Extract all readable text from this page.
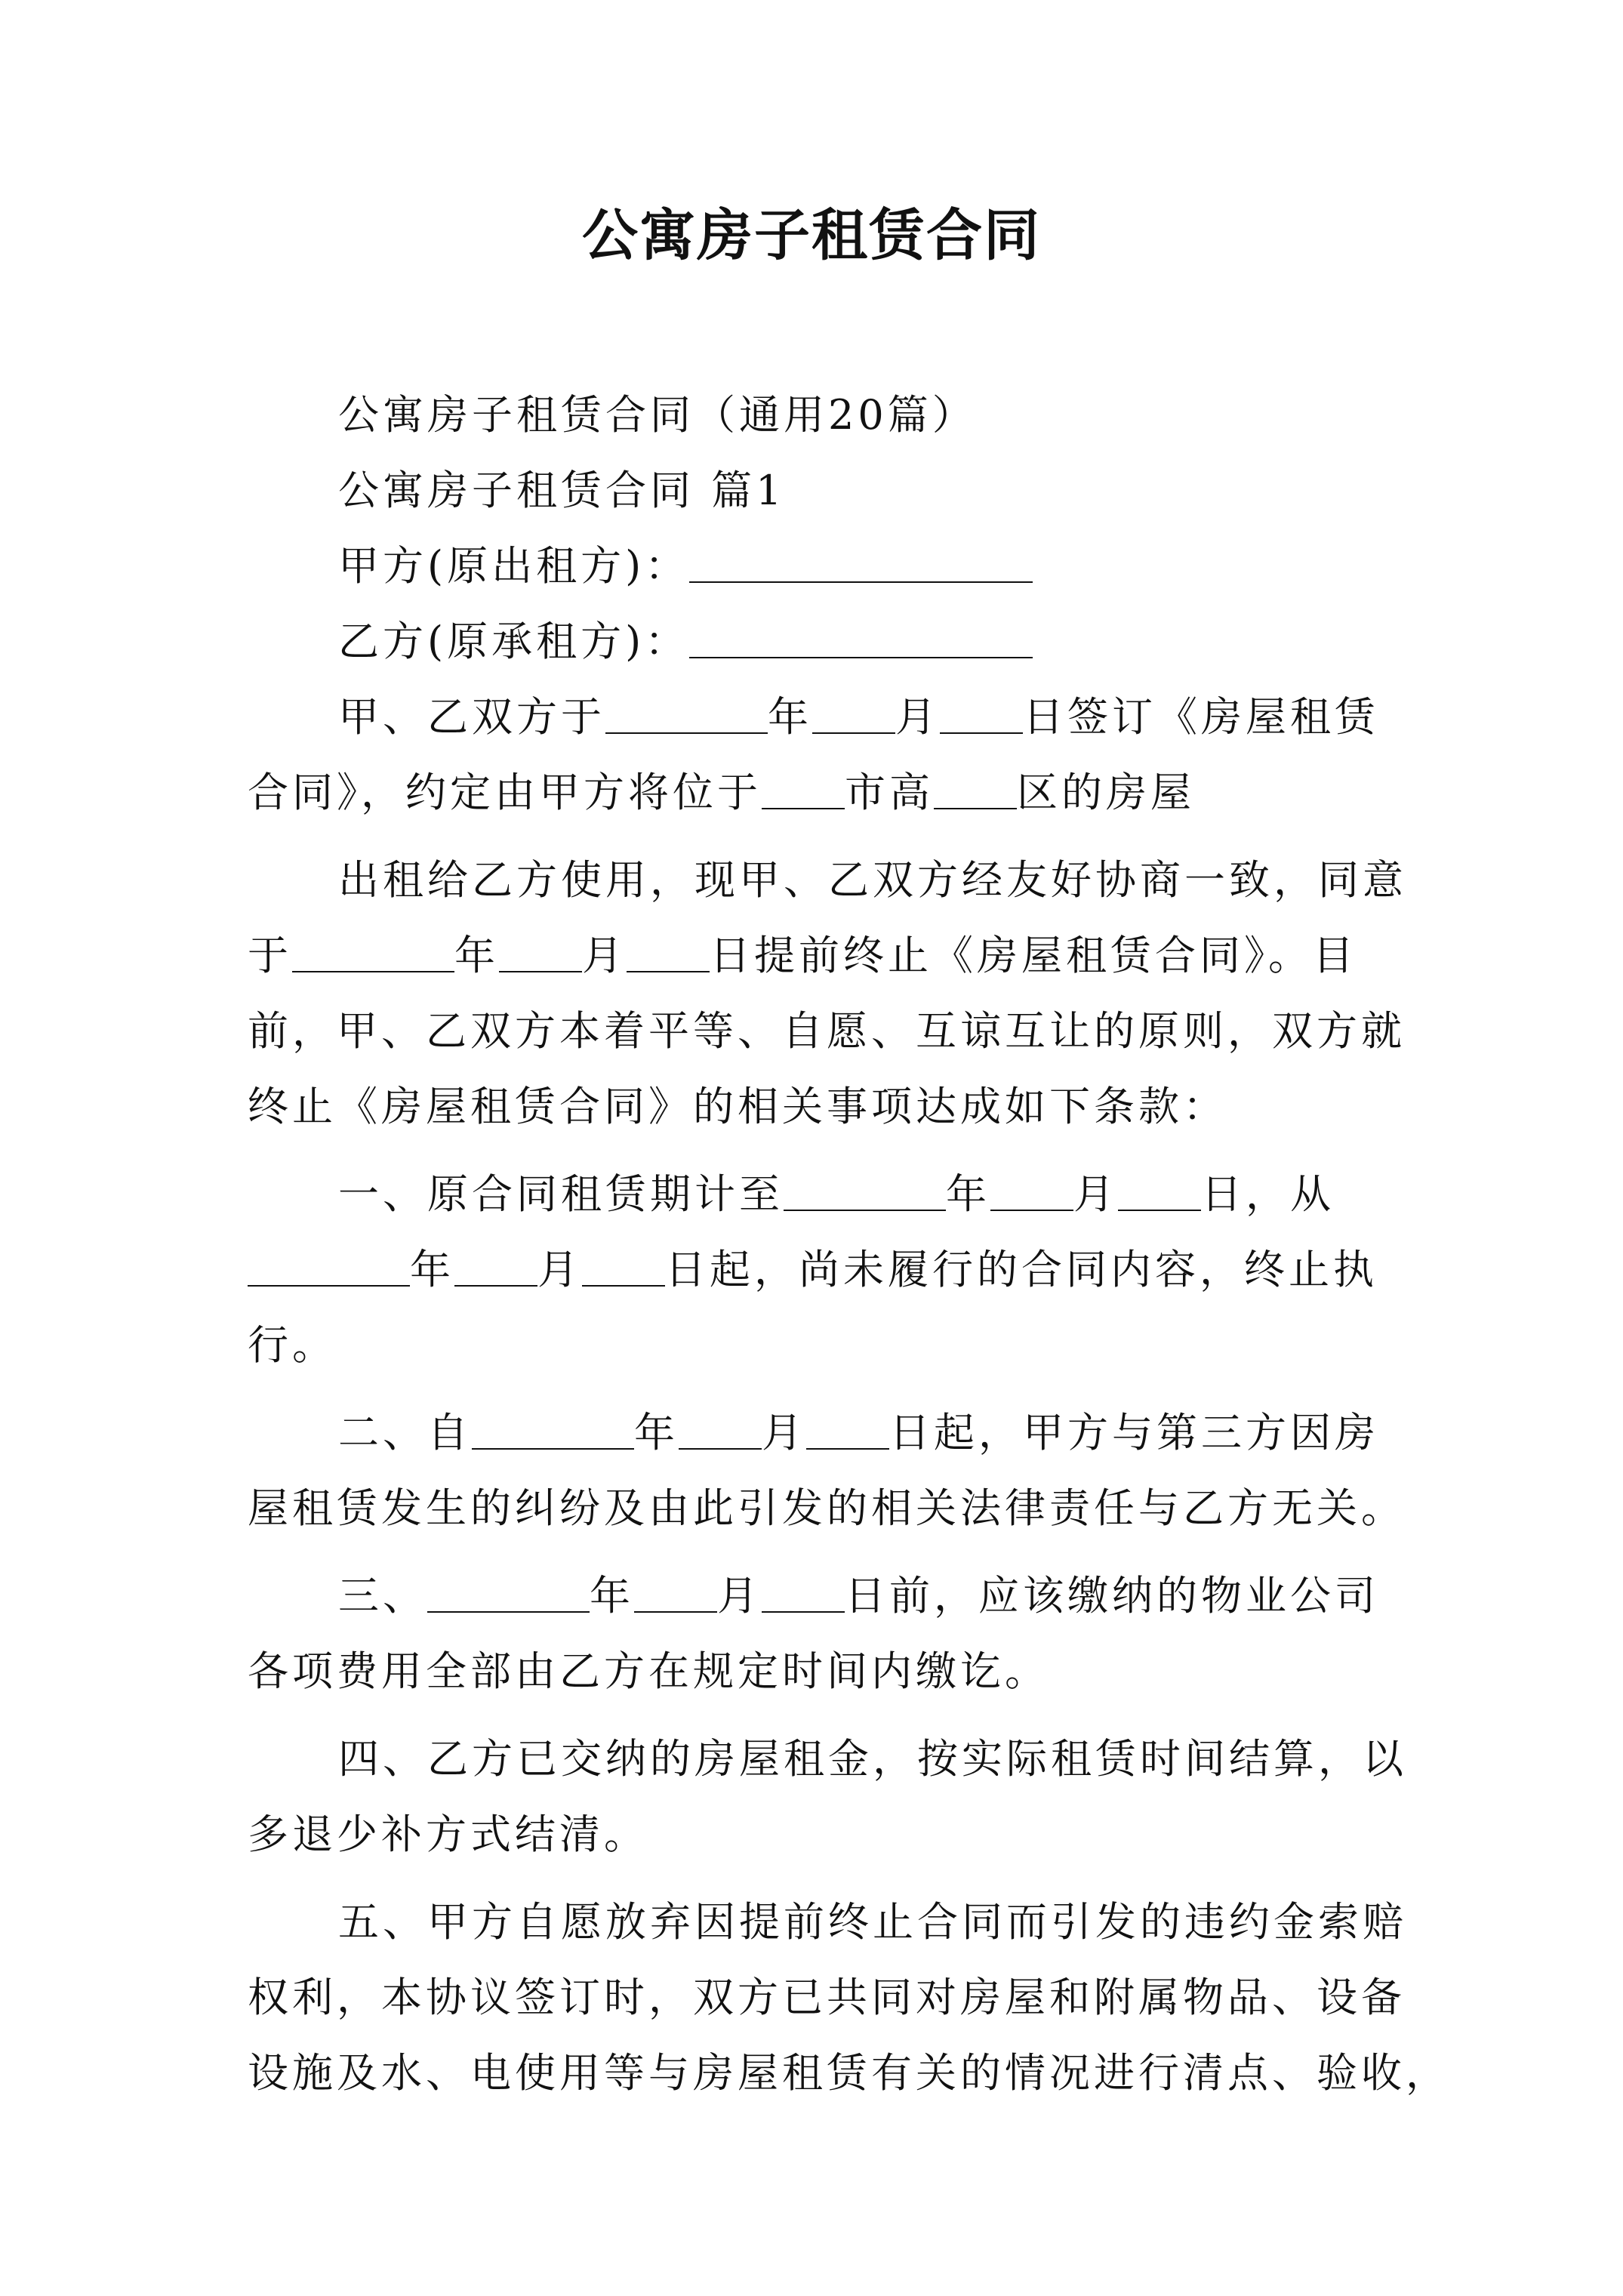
公寓房子租赁合同
公寓房子租赁合同（通用20篇）
公寓房子租赁合同 篇1
甲方(原出租方)：
乙方(原承租方)：
甲、乙双方于	年 月 日签订《房屋租赁
合同》，约定由甲方将位于 市高 区的房屋
出租给乙方使用，现甲、乙双方经友好协商一致，同意
于	年 月 日提前终止《房屋租赁合同》。目
前，甲、乙双方本着平等、自愿、互谅互让的原则，双方就
终止《房屋租赁合同》的相关事项达成如下条款：
一、原合同租赁期计至	年 月 日，从
年 月 日起，尚未履行的合同内容，终止执
行。
二、自	年 月 日起，甲方与第三方因房
屋租赁发生的纠纷及由此引发的相关法律责任与乙方无关。
三、	年 月 日前，应该缴纳的物业公司
各项费用全部由乙方在规定时间内缴讫。
四、乙方已交纳的房屋租金，按实际租赁时间结算，以
多退少补方式结清。
五、甲方自愿放弃因提前终止合同而引发的违约金索赔
权利，本协议签订时，双方已共同对房屋和附属物品、设备
设施及水、电使用等与房屋租赁有关的情况进行清点、验收，
